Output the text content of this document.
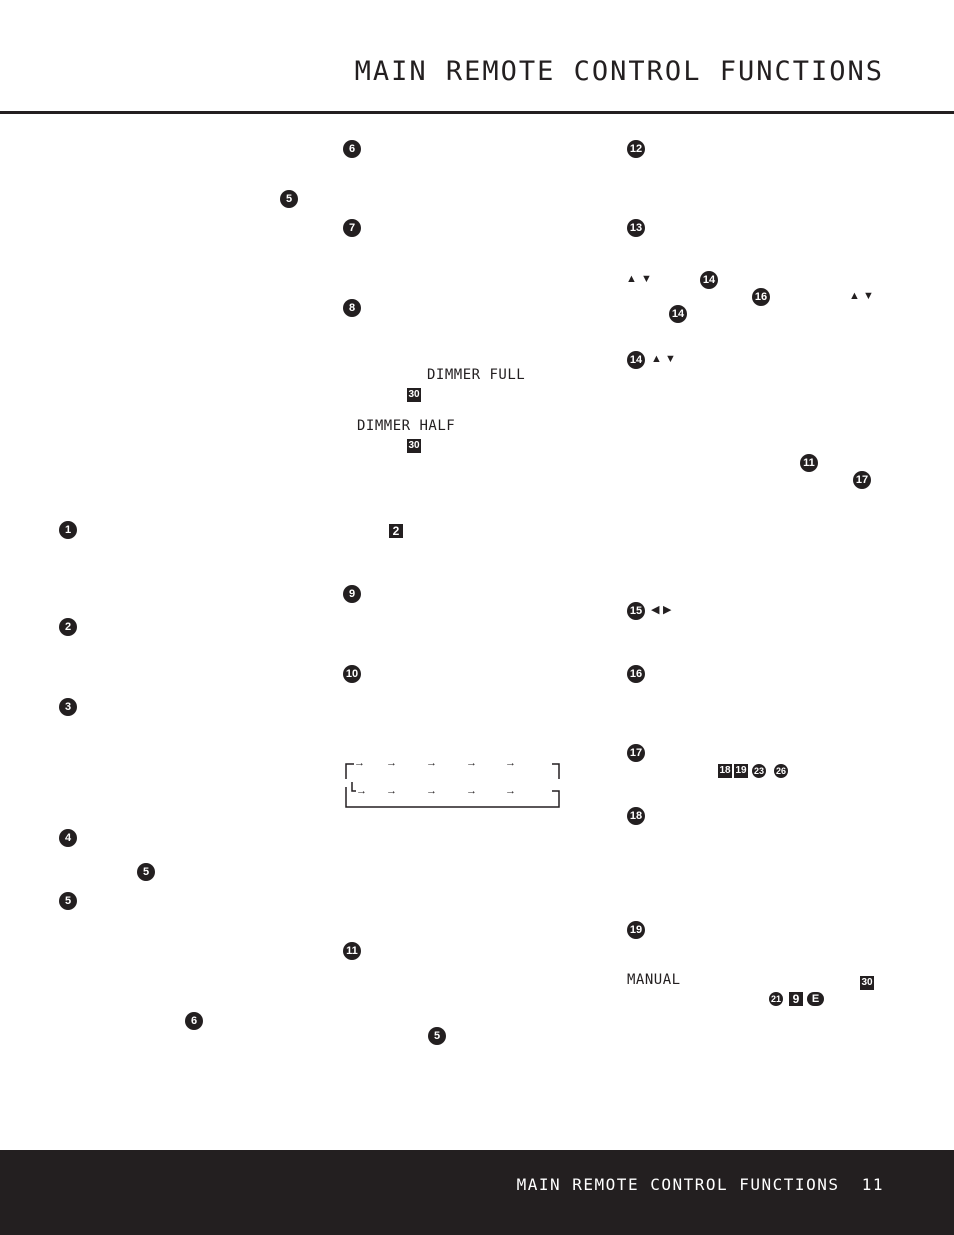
MAIN REMOTE CONTROL FUNCTIONS
5
1
2
3
4
5
5
6
6
7
8
DIMMER FULL
30
DIMMER HALF
30
2
9
10
→ →	→	→	→
→ →	→	→	→
11
5
12
13
▲ ▼	14
16	▲ ▼
14
14 ▲ ▼
11
17
15 ◀ ▶
16
17
18 19 23 26
18
19
MANUAL	30
21 9	E
MAIN REMOTE CONTROL FUNCTIONS 11
